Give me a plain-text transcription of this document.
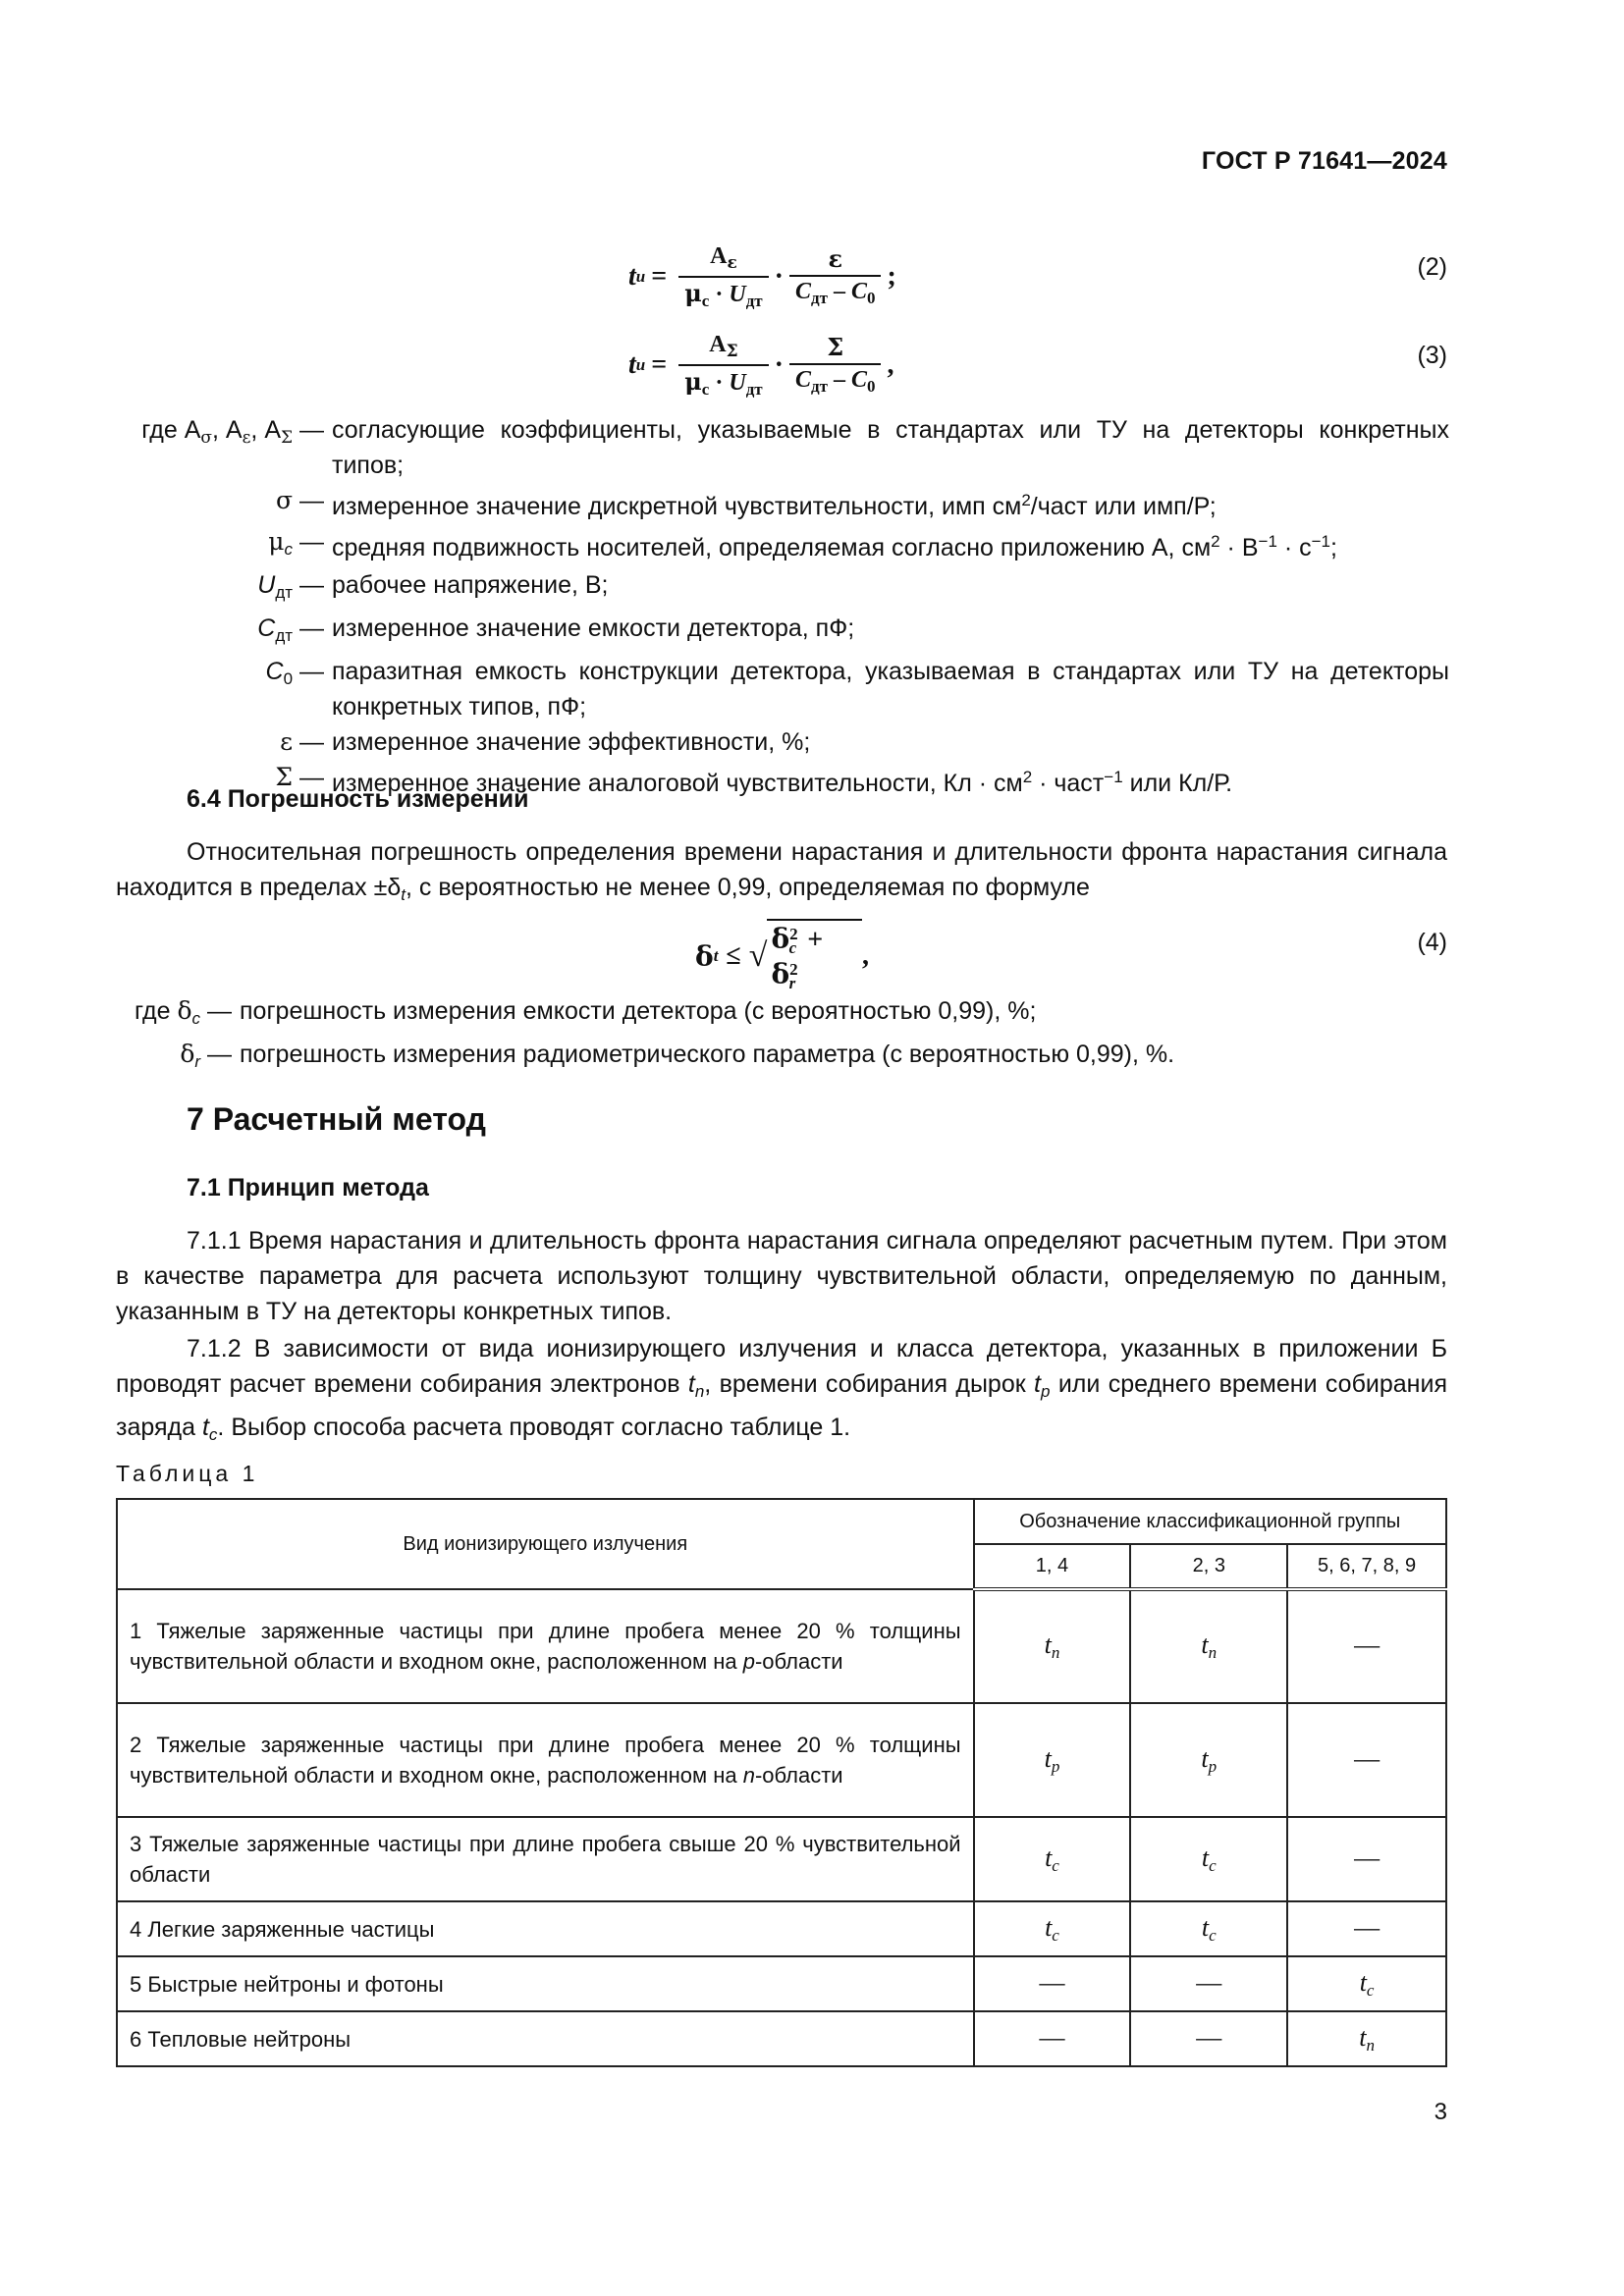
ГОСТ Р 71641—2024
t $u = \frac{A_\varepsilon}{\mu_c \cdot U_{дт}} \cdot \frac{\varepsilon}{C_{дт} - C_0}$ ;	(2)
t $u = \frac{A_\Sigma}{\mu_c \cdot U_{дт}} \cdot \frac{\Sigma}{C_{дт} - C_0}$ ,	(3)
где $A_\sigma$, $A_\varepsilon$, $A_\Sigma$ — согласующие коэффициенты, указываемые в стандартах или ТУ на детекторы конкретных типов;
σ — измеренное значение дискретной чувствительности, имп $см^2$/част или имп/Р;
$\mu_c$ — средняя подвижность носителей, определяемая согласно приложению А, $см^2 \cdot В^{-1} \cdot с^{-1}$;
$U_{дт}$ — рабочее напряжение, В;
$C_{дт}$ — измеренное значение емкости детектора, пФ;
$C_0$ — паразитная емкость конструкции детектора, указываемая в стандартах или ТУ на детекторы конкретных типов, пФ;
ε — измеренное значение эффективности, %;
Σ — измеренное значение аналоговой чувствительности, Кл · $см^2$ · част$^{-1}$ или Кл/Р.
6.4 Погрешность измерений
Относительная погрешность определения времени нарастания и длительности фронта нарастания сигнала находится в пределах $\pm\delta_t$, с вероятностью не менее 0,99, определяемая по формуле
δ t ≤ √ $\delta^2_c + \delta^2_r$
,	(4)
где $\delta_c$ — погрешность измерения емкости детектора (с вероятностью 0,99), %;
$\delta_r$ — погрешность измерения радиометрического параметра (с вероятностью 0,99), %.
7 Расчетный метод
7.1 Принцип метода
7.1.1 Время нарастания и длительность фронта нарастания сигнала определяют расчетным путем. При этом в качестве параметра для расчета используют толщину чувствительной области, определяемую по данным, указанным в ТУ на детекторы конкретных типов.
7.1.2 В зависимости от вида ионизирующего излучения и класса детектора, указанных в приложении Б проводят расчет времени собирания электронов $t_n$, времени собирания дырок $t_p$ или среднего времени собирания заряда $t_c$. Выбор способа расчета проводят согласно таблице 1.
Таблица 1
Вид ионизирующего излучения	Обозначение классификационной группы		
	1, 4	2, 3	5, 6, 7, 8, 9
1 Тяжелые заряженные частицы при длине пробега менее 20 % толщины чувствительной области и входном окне, расположенном на р-области	$t_n$	$t_n$	—
2 Тяжелые заряженные частицы при длине пробега менее 20 % толщины чувствительной области и входном окне, расположенном на n-области	$t_p$	$t_p$	—
3 Тяжелые заряженные частицы при длине пробега свыше 20 % чувствительной области	$t_c$	$t_c$	—
4 Легкие заряженные частицы	$t_c$	$t_c$	—
5 Быстрые нейтроны и фотоны	—	—	$t_c$
6 Тепловые нейтроны	—	—	$t_n$
3
